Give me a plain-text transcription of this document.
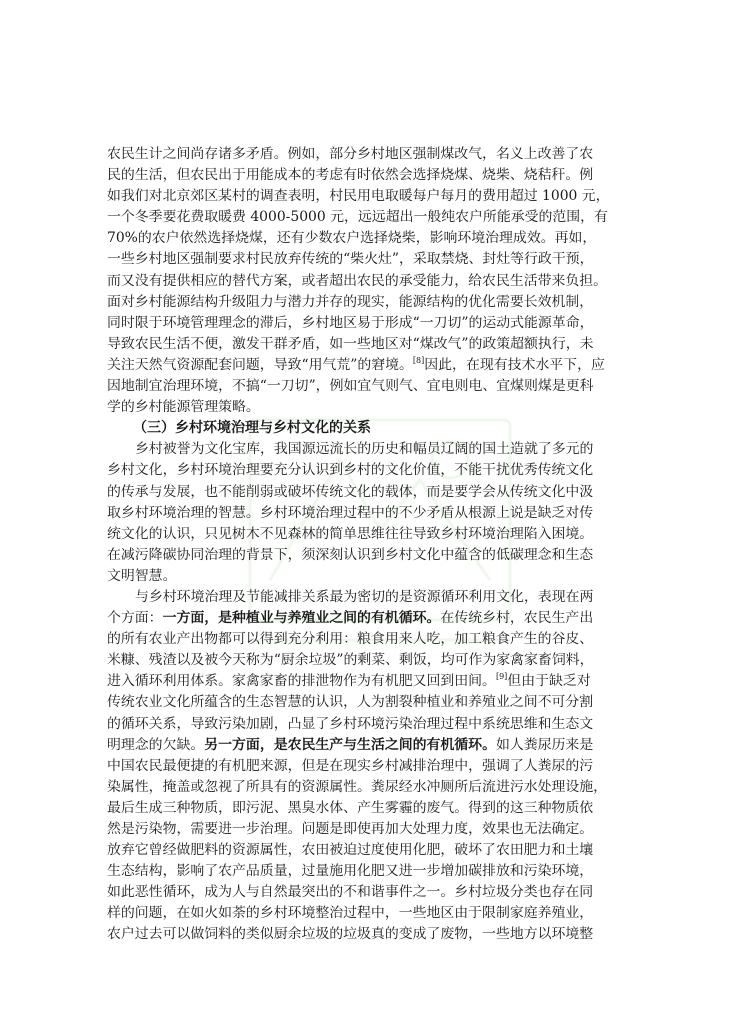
农民生计之间尚存诸多矛盾。例如，部分乡村地区强制煤改气，名义上改善了农
民的生活，但农民出于用能成本的考虑有时依然会选择烧煤、烧柴、烧秸秆。例
如我们对北京郊区某村的调查表明，村民用电取暖每户每月的费用超过 1000 元，
一个冬季要花费取暖费 4000-5000 元，远远超出一般纯农户所能承受的范围，有
70%的农户依然选择烧煤，还有少数农户选择烧柴，影响环境治理成效。再如，
一些乡村地区强制要求村民放弃传统的“柴火灶”，采取禁烧、封灶等行政干预，
而又没有提供相应的替代方案，或者超出农民的承受能力，给农民生活带来负担。
面对乡村能源结构升级阻力与潜力并存的现实，能源结构的优化需要长效机制，
同时限于环境管理理念的滞后，乡村地区易于形成“一刀切”的运动式能源革命，
导致农民生活不便，激发干群矛盾，如一些地区对“煤改气”的政策超额执行，未
关注天然气资源配套问题，导致“用气荒”的窘境。[8]因此，在现有技术水平下，应
因地制宜治理环境，不搞“一刀切”，例如宜气则气、宜电则电、宜煤则煤是更科
学的乡村能源管理策略。
（三）乡村环境治理与乡村文化的关系
乡村被誉为文化宝库，我国源远流长的历史和幅员辽阔的国土造就了多元的
乡村文化，乡村环境治理要充分认识到乡村的文化价值，不能干扰优秀传统文化
的传承与发展，也不能削弱或破坏传统文化的载体，而是要学会从传统文化中汲
取乡村环境治理的智慧。乡村环境治理过程中的不少矛盾从根源上说是缺乏对传
统文化的认识，只见树木不见森林的简单思维往往导致乡村环境治理陷入困境。
在减污降碳协同治理的背景下，须深刻认识到乡村文化中蕴含的低碳理念和生态
文明智慧。
与乡村环境治理及节能减排关系最为密切的是资源循环利用文化，表现在两
个方面：一方面，是种植业与养殖业之间的有机循环。在传统乡村，农民生产出
的所有农业产出物都可以得到充分利用：粮食用来人吃，加工粮食产生的谷皮、
米糠、残渣以及被今天称为“厨余垃圾”的剩菜、剩饭，均可作为家禽家畜饲料，
进入循环利用体系。家禽家畜的排泄物作为有机肥又回到田间。[9]但由于缺乏对
传统农业文化所蕴含的生态智慧的认识，人为割裂种植业和养殖业之间不可分割
的循环关系，导致污染加剧，凸显了乡村环境污染治理过程中系统思维和生态文
明理念的欠缺。另一方面，是农民生产与生活之间的有机循环。如人粪尿历来是
中国农民最便捷的有机肥来源，但是在现实乡村减排治理中，强调了人粪尿的污
染属性，掩盖或忽视了所具有的资源属性。粪尿经水冲厕所后流进污水处理设施，
最后生成三种物质，即污泥、黑臭水体、产生雾霾的废气。得到的这三种物质依
然是污染物，需要进一步治理。问题是即使再加大处理力度，效果也无法确定。
放弃它曾经做肥料的资源属性，农田被迫过度使用化肥，破坏了农田肥力和土壤
生态结构，影响了农产品质量，过量施用化肥又进一步增加碳排放和污染环境，
如此恶性循环，成为人与自然最突出的不和谐事件之一。乡村垃圾分类也存在同
样的问题，在如火如荼的乡村环境整治过程中，一些地区由于限制家庭养殖业，
农户过去可以做饲料的类似厨余垃圾的垃圾真的变成了废物，一些地方以环境整
